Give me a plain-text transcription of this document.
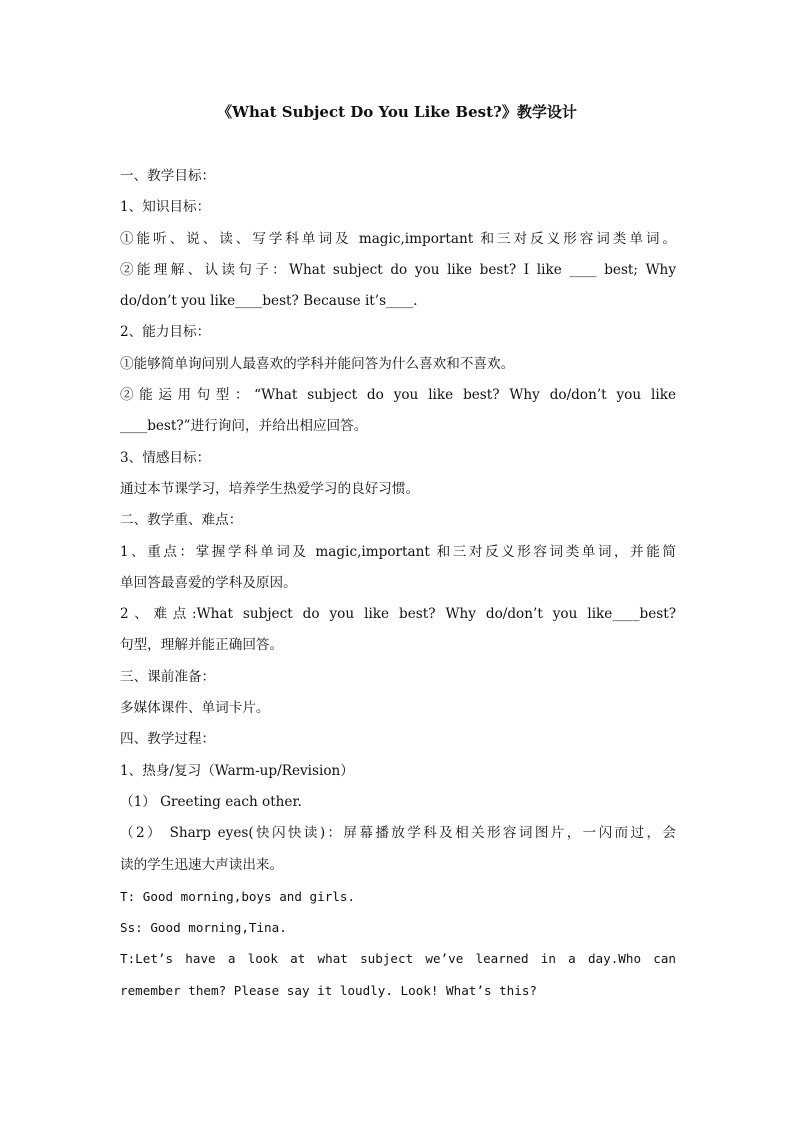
《What Subject Do You Like Best?》教学设计
一、教学目标：
1、知识目标：
①能听、说、读、写学科单词及 magic,important 和三对反义形容词类单词。
②能理解、认读句子：What subject do you like best? I like ____ best; Why
do/don’t you like____best? Because it’s____.
2、能力目标：
①能够简单询问别人最喜欢的学科并能问答为什么喜欢和不喜欢。
②能运用句型：“What subject do you like best? Why do/don’t you like
____best?”进行询问，并给出相应回答。
3、情感目标：
通过本节课学习，培养学生热爱学习的良好习惯。
二、教学重、难点：
1、重点：掌握学科单词及 magic,important 和三对反义形容词类单词，并能简
单回答最喜爱的学科及原因。
2、难点:What subject do you like best? Why do/don’t you like____best?
句型，理解并能正确回答。
三、课前准备：
多媒体课件、单词卡片。
四、教学过程：
1、热身/复习（Warm-up/Revision）
（1） Greeting each other.
（2） Sharp eyes(快闪快读)：屏幕播放学科及相关形容词图片，一闪而过，会
读的学生迅速大声读出来。
T: Good morning,boys and girls.
Ss: Good morning,Tina.
T:Let’s have a look at what subject we’ve learned in a day.Who can
remember them? Please say it loudly. Look! What’s this?
